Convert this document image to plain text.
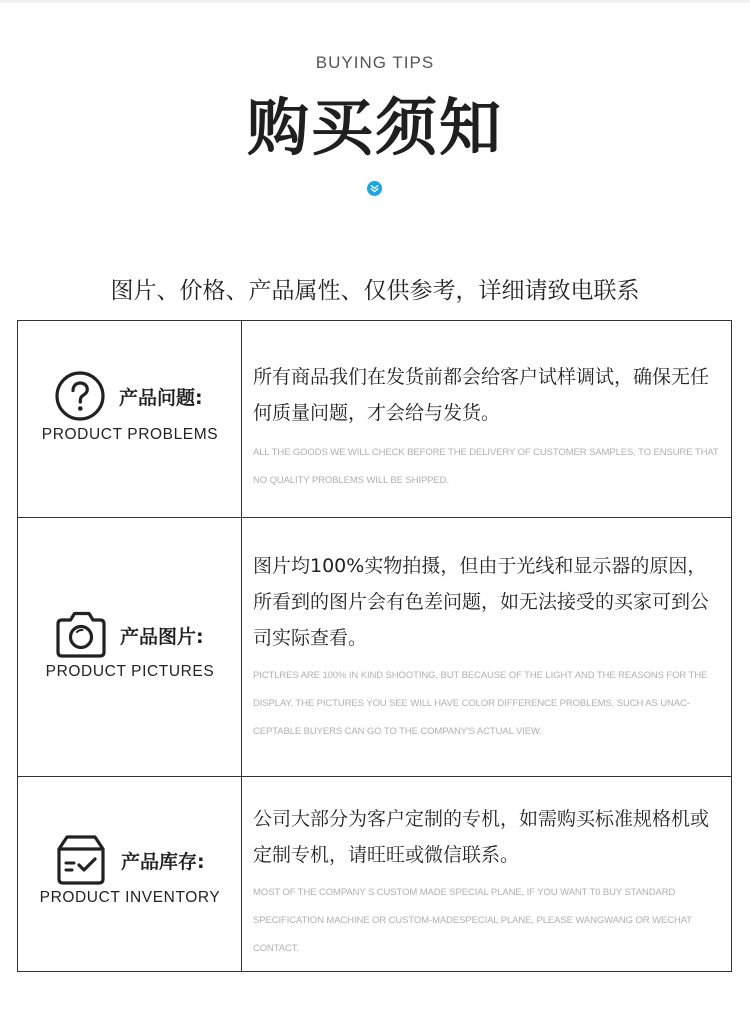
BUYING TIPS
购买须知
图片、价格、产品属性、仅供参考，详细请致电联系
产品问题:
PRODUCT PROBLEMS

所有商品我们在发货前都会给客户试样调试，确保无任何质量问题，才会给与发货。

ALL THE GOODS WE WILL CHECK BEFORE THE DELIVERY OF CUSTOMER SAMPLES, TO ENSURE THAT NO QUALITY PROBLEMS WILL BE SHIPPED.

产品图片:
PRODUCT PICTURES

图片均100%实物拍摄，但由于光线和显示器的原因，所看到的图片会有色差问题，如无法接受的买家可到公司实际查看。

PICTLRES ARE 100% IN KIND SHOOTING, BUT BECAUSE OF THE LIGHT AND THE REASONS FOR THE DISPLAY, THE PICTURES YOU SEE WILL HAVE COLOR DIFFERENCE PROBLEMS, SUCH AS UNAC-CEPTABLE BUYERS CAN GO TO THE COMPANY'S ACTUAL VIEW.

产品库存:
PRODUCT INVENTORY

公司大部分为客户定制的专机，如需购买标准规格机或定制专机，请旺旺或微信联系。

MOST OF THE COMPANY S CUSTOM MADE SPECIAL PLANE, IF YOU WANT T0 BUY STANDARD SPECIFICATION MACHINE OR CUSTOM-MADESPECIAL PLANE, PLEASE WANGWANG OR WECHAT CONTACT.
